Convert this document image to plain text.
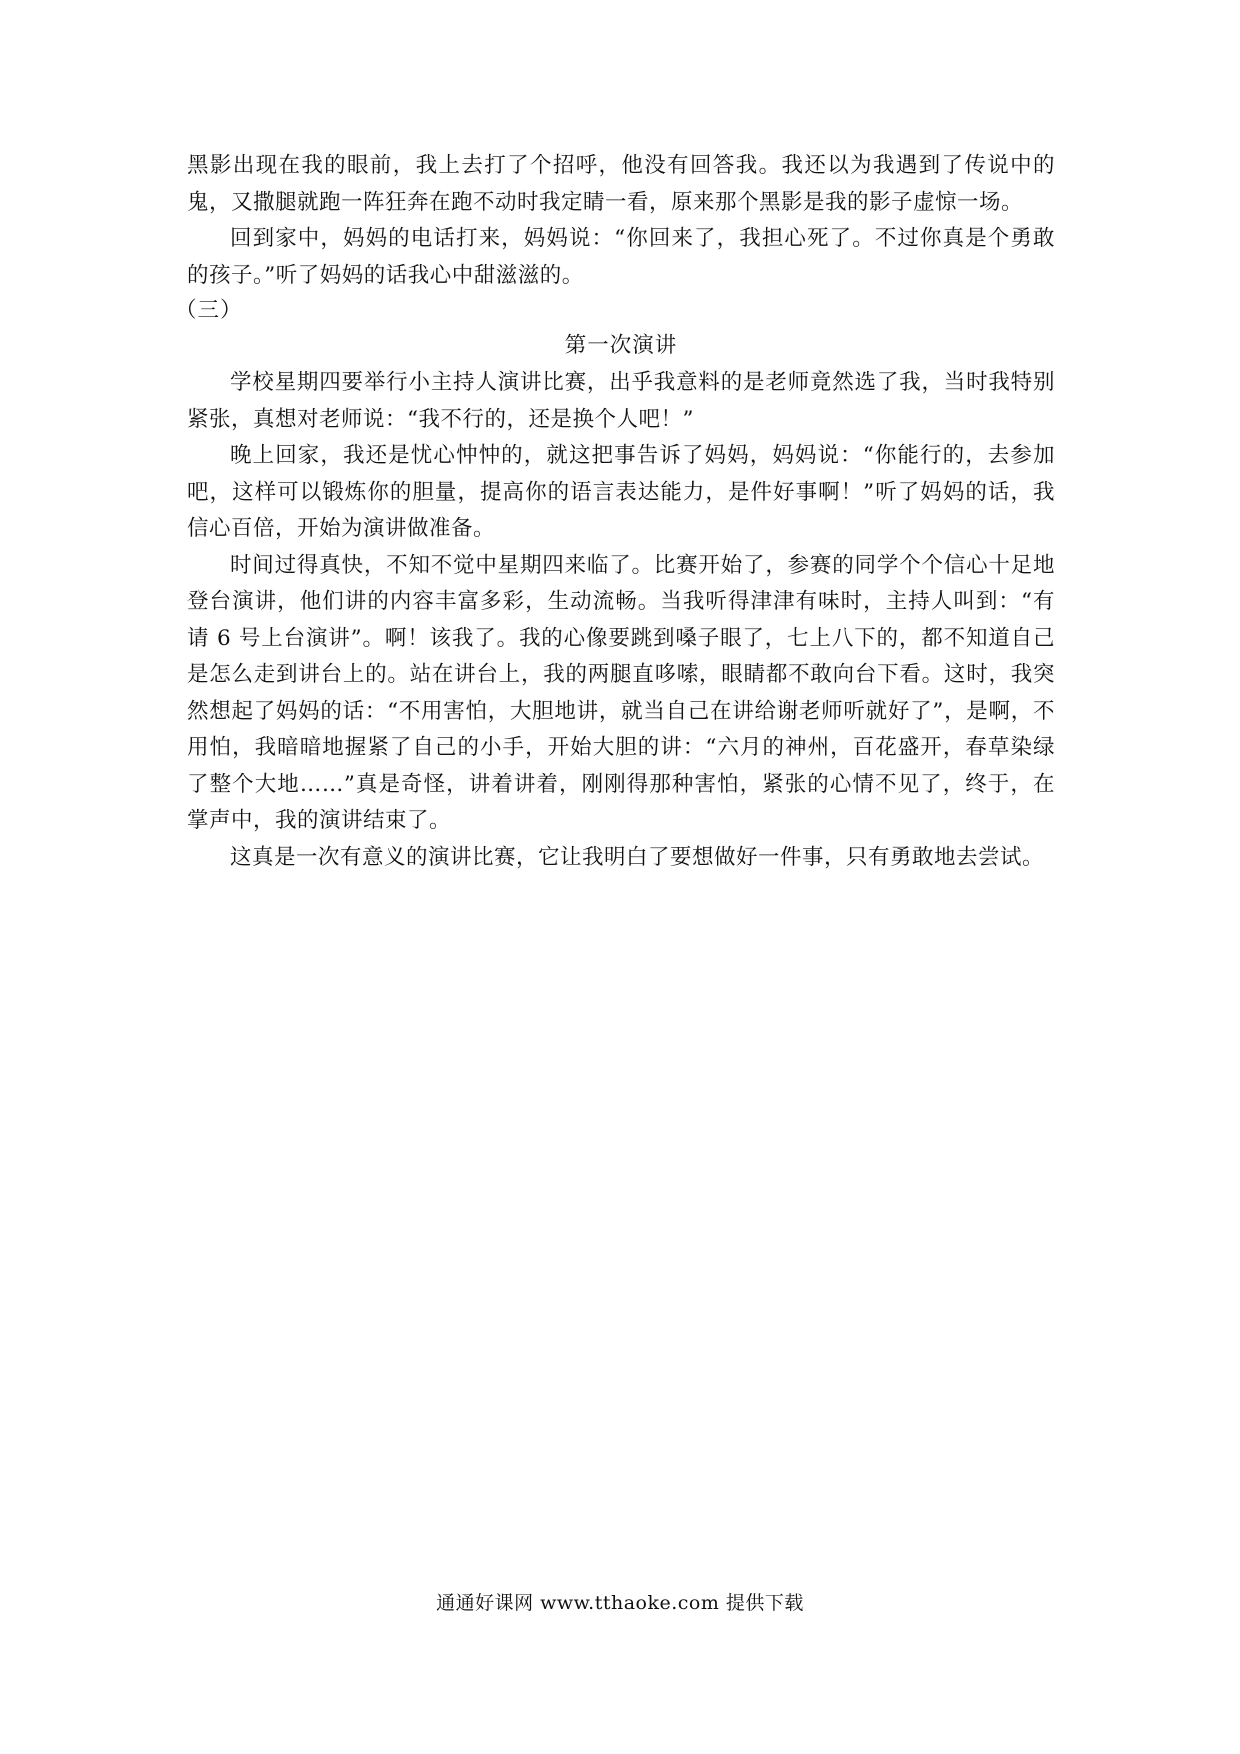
黑影出现在我的眼前，我上去打了个招呼，他没有回答我。我还以为我遇到了传说中的鬼，又撒腿就跑一阵狂奔在跑不动时我定睛一看，原来那个黑影是我的影子虚惊一场。

回到家中，妈妈的电话打来，妈妈说：“你回来了，我担心死了。不过你真是个勇敢的孩子。”听了妈妈的话我心中甜滋滋的。

（三）

第一次演讲

学校星期四要举行小主持人演讲比赛，出乎我意料的是老师竟然选了我，当时我特别紧张，真想对老师说：“我不行的，还是换个人吧！”

晚上回家，我还是忧心忡忡的，就这把事告诉了妈妈，妈妈说：“你能行的，去参加吧，这样可以锻炼你的胆量，提高你的语言表达能力，是件好事啊！”听了妈妈的话，我信心百倍，开始为演讲做准备。

时间过得真快，不知不觉中星期四来临了。比赛开始了，参赛的同学个个信心十足地登台演讲，他们讲的内容丰富多彩，生动流畅。当我听得津津有味时，主持人叫到：“有请 6 号上台演讲”。啊！该我了。我的心像要跳到嗓子眼了，七上八下的，都不知道自己是怎么走到讲台上的。站在讲台上，我的两腿直哆嗦，眼睛都不敢向台下看。这时，我突然想起了妈妈的话：“不用害怕，大胆地讲，就当自己在讲给谢老师听就好了”，是啊，不用怕，我暗暗地握紧了自己的小手，开始大胆的讲：“六月的神州，百花盛开，春草染绿了整个大地……”真是奇怪，讲着讲着，刚刚得那种害怕，紧张的心情不见了，终于，在掌声中，我的演讲结束了。

这真是一次有意义的演讲比赛，它让我明白了要想做好一件事，只有勇敢地去尝试。

通通好课网 www.tthaoke.com 提供下载
